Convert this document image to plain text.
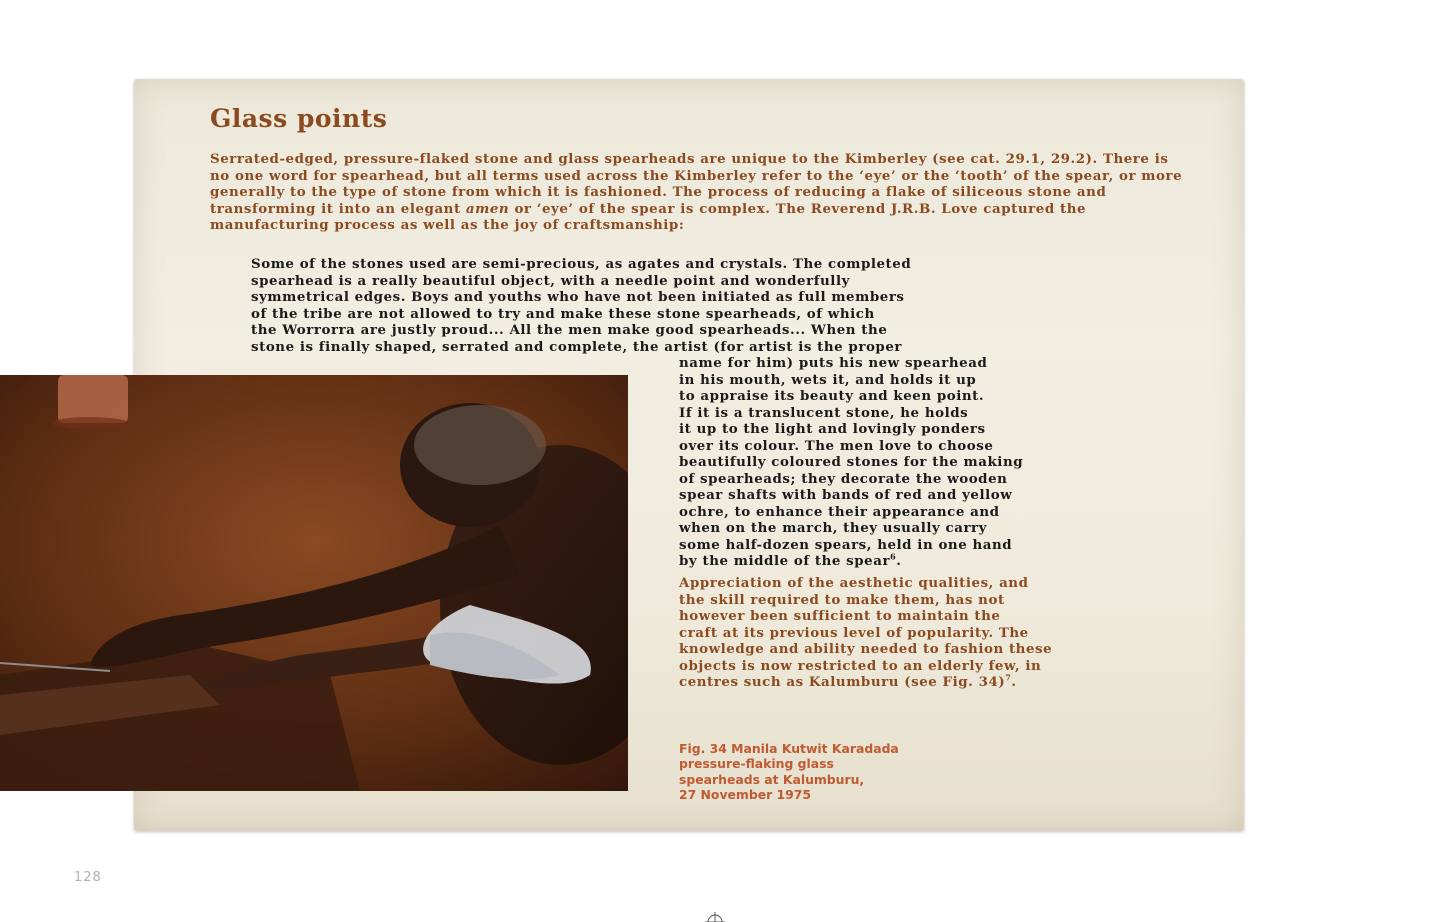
Glass points

Serrated-edged, pressure-flaked stone and glass spearheads are unique to the Kimberley (see cat. 29.1, 29.2). There is no one word for spearhead, but all terms used across the Kimberley refer to the ‘eye’ or the ‘tooth’ of the spear, or more generally to the type of stone from which it is fashioned. The process of reducing a flake of siliceous stone and transforming it into an elegant amen or ‘eye’ of the spear is complex. The Reverend J.R.B. Love captured the manufacturing process as well as the joy of craftsmanship:

Some of the stones used are semi-precious, as agates and crystals. The completed
spearhead is a really beautiful object, with a needle point and wonderfully
symmetrical edges. Boys and youths who have not been initiated as full members
of the tribe are not allowed to try and make these stone spearheads, of which
the Worrorra are justly proud... All the men make good spearheads... When the
stone is finally shaped, serrated and complete, the artist (for artist is the proper
name for him) puts his new spearhead
in his mouth, wets it, and holds it up
to appraise its beauty and keen point.
If it is a translucent stone, he holds
it up to the light and lovingly ponders
over its colour. The men love to choose
beautifully coloured stones for the making
of spearheads; they decorate the wooden
spear shafts with bands of red and yellow
ochre, to enhance their appearance and
when on the march, they usually carry
some half-dozen spears, held in one hand
by the middle of the spear$^6$.
Appreciation of the aesthetic qualities, and
the skill required to make them, has not
however been sufficient to maintain the
craft at its previous level of popularity. The
knowledge and ability needed to fashion these
objects is now restricted to an elderly few, in
centres such as Kalumburu (see Fig. 34)$^7$.
Fig. 34 Manila Kutwit Karadada
pressure-flaking glass
spearheads at Kalumburu,
27 November 1975
128
